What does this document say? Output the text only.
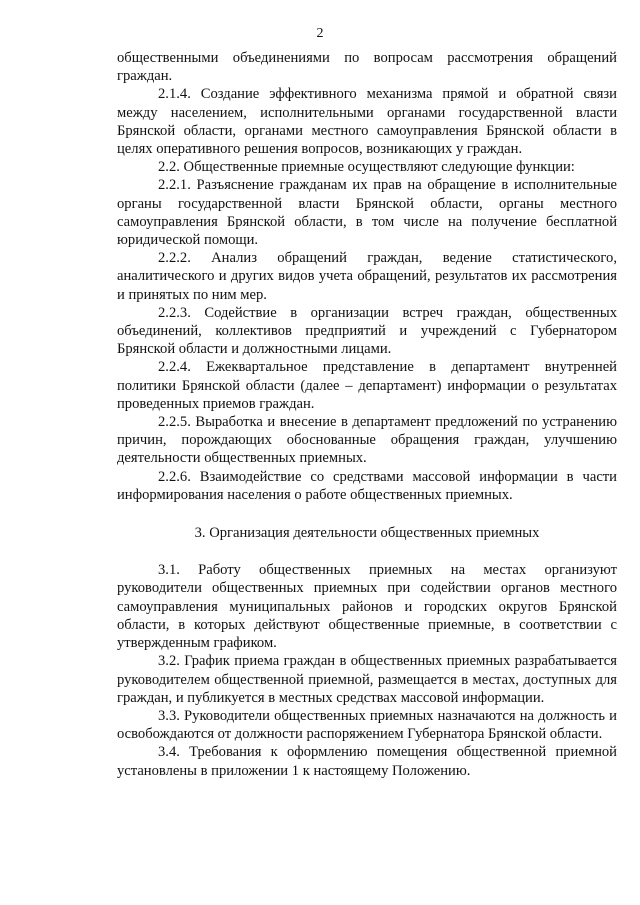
2

общественными объединениями по вопросам рассмотрения обращений граждан.

2.1.4. Создание эффективного механизма прямой и обратной связи между населением, исполнительными органами государственной власти Брянской области, органами местного самоуправления Брянской области в целях оперативного решения вопросов, возникающих у граждан.

2.2. Общественные приемные осуществляют следующие функции:

2.2.1. Разъяснение гражданам их прав на обращение в исполнительные органы государственной власти Брянской области, органы местного самоуправления Брянской области, в том числе на получение бесплатной юридической помощи.

2.2.2. Анализ обращений граждан, ведение статистического, аналитического и других видов учета обращений, результатов их рассмотрения и принятых по ним мер.

2.2.3. Содействие в организации встреч граждан, общественных объединений, коллективов предприятий и учреждений с Губернатором Брянской области и должностными лицами.

2.2.4. Ежеквартальное представление в департамент внутренней политики Брянской области (далее – департамент) информации о результатах проведенных приемов граждан.

2.2.5. Выработка и внесение в департамент предложений по устранению причин, порождающих обоснованные обращения граждан, улучшению деятельности общественных приемных.

2.2.6. Взаимодействие со средствами массовой информации в части информирования населения о работе общественных приемных.

3. Организация деятельности общественных приемных

3.1. Работу общественных приемных на местах организуют руководители общественных приемных при содействии органов местного самоуправления муниципальных районов и городских округов Брянской области, в которых действуют общественные приемные, в соответствии с утвержденным графиком.

3.2. График приема граждан в общественных приемных разрабатывается руководителем общественной приемной, размещается в местах, доступных для граждан, и публикуется в местных средствах массовой информации.

3.3. Руководители общественных приемных назначаются на должность и освобождаются от должности распоряжением Губернатора Брянской области.

3.4. Требования к оформлению помещения общественной приемной установлены в приложении 1 к настоящему Положению.
